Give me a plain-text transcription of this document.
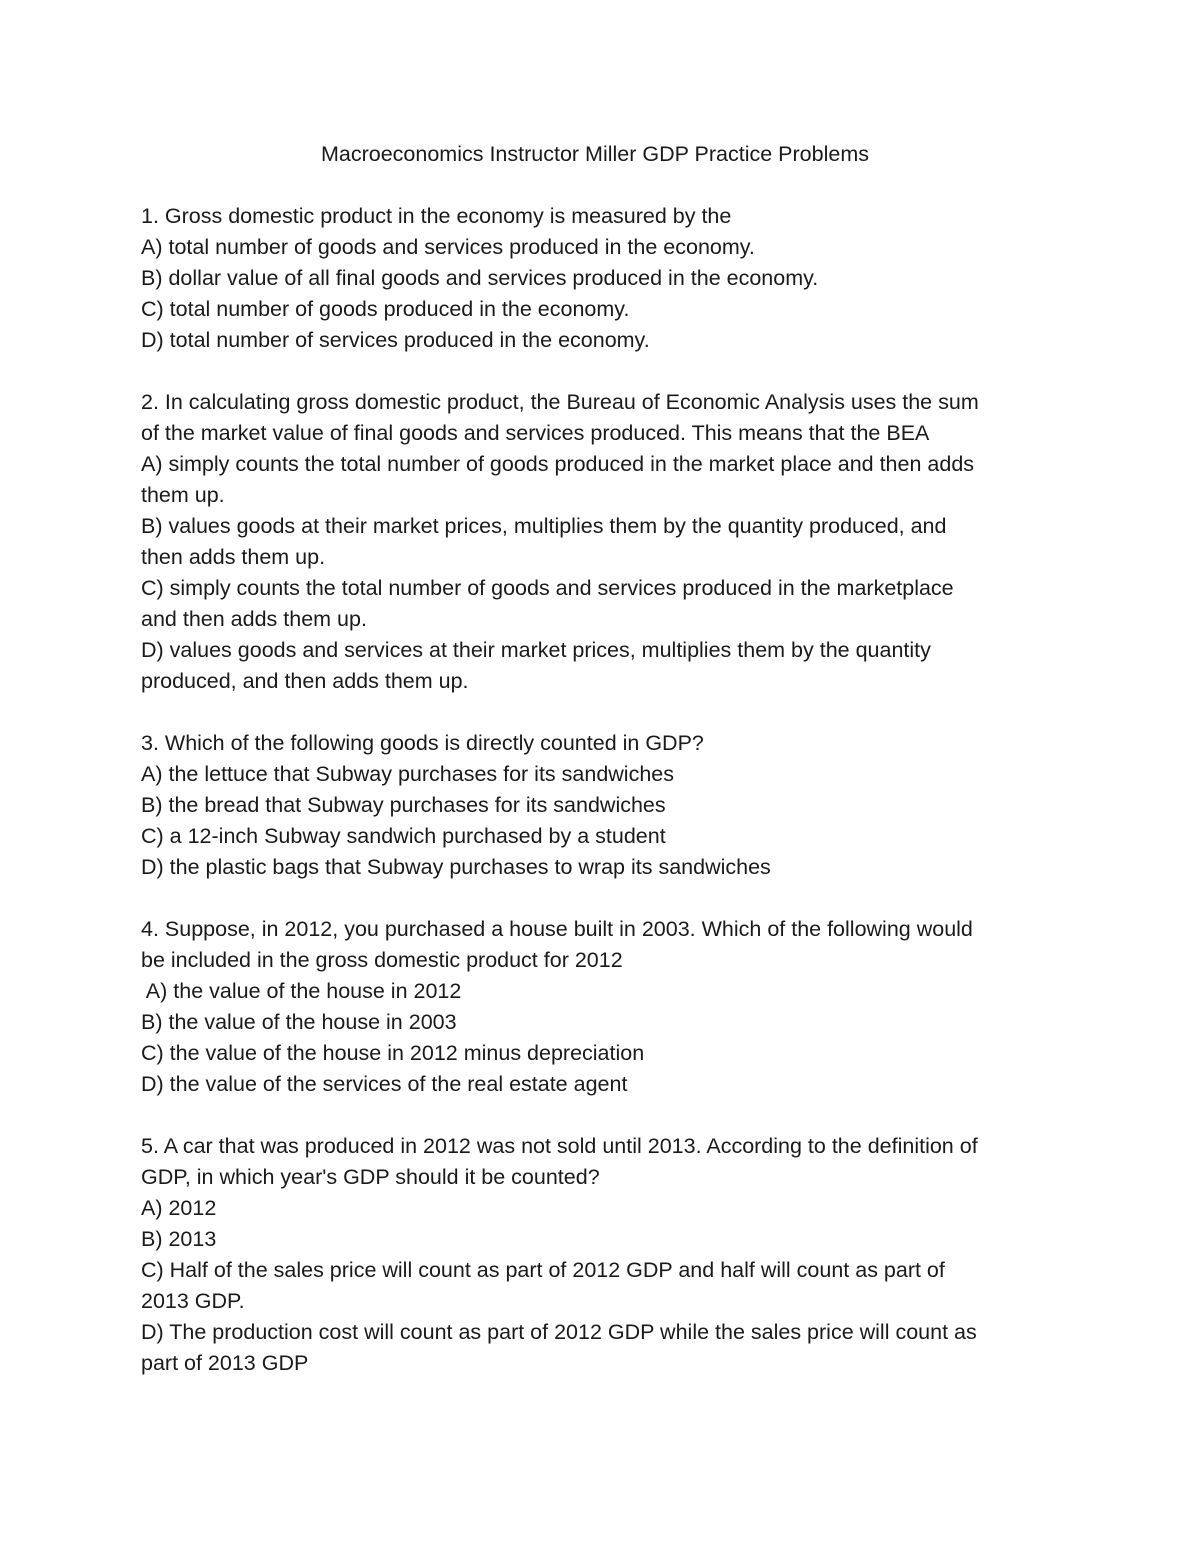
Macroeconomics Instructor Miller GDP Practice Problems
1. Gross domestic product in the economy is measured by the
A) total number of goods and services produced in the economy.
B) dollar value of all final goods and services produced in the economy.
C) total number of goods produced in the economy.
D) total number of services produced in the economy.
2. In calculating gross domestic product, the Bureau of Economic Analysis uses the sum
of the market value of final goods and services produced. This means that the BEA
A) simply counts the total number of goods produced in the market place and then adds
them up.
B) values goods at their market prices, multiplies them by the quantity produced, and
then adds them up.
C) simply counts the total number of goods and services produced in the marketplace
and then adds them up.
D) values goods and services at their market prices, multiplies them by the quantity
produced, and then adds them up.
3. Which of the following goods is directly counted in GDP?
A) the lettuce that Subway purchases for its sandwiches
B) the bread that Subway purchases for its sandwiches
C) a 12-inch Subway sandwich purchased by a student
D) the plastic bags that Subway purchases to wrap its sandwiches
4. Suppose, in 2012, you purchased a house built in 2003. Which of the following would
be included in the gross domestic product for 2012
A) the value of the house in 2012
B) the value of the house in 2003
C) the value of the house in 2012 minus depreciation
D) the value of the services of the real estate agent
5. A car that was produced in 2012 was not sold until 2013. According to the definition of
GDP, in which year's GDP should it be counted?
A) 2012
B) 2013
C) Half of the sales price will count as part of 2012 GDP and half will count as part of
2013 GDP.
D) The production cost will count as part of 2012 GDP while the sales price will count as
part of 2013 GDP
